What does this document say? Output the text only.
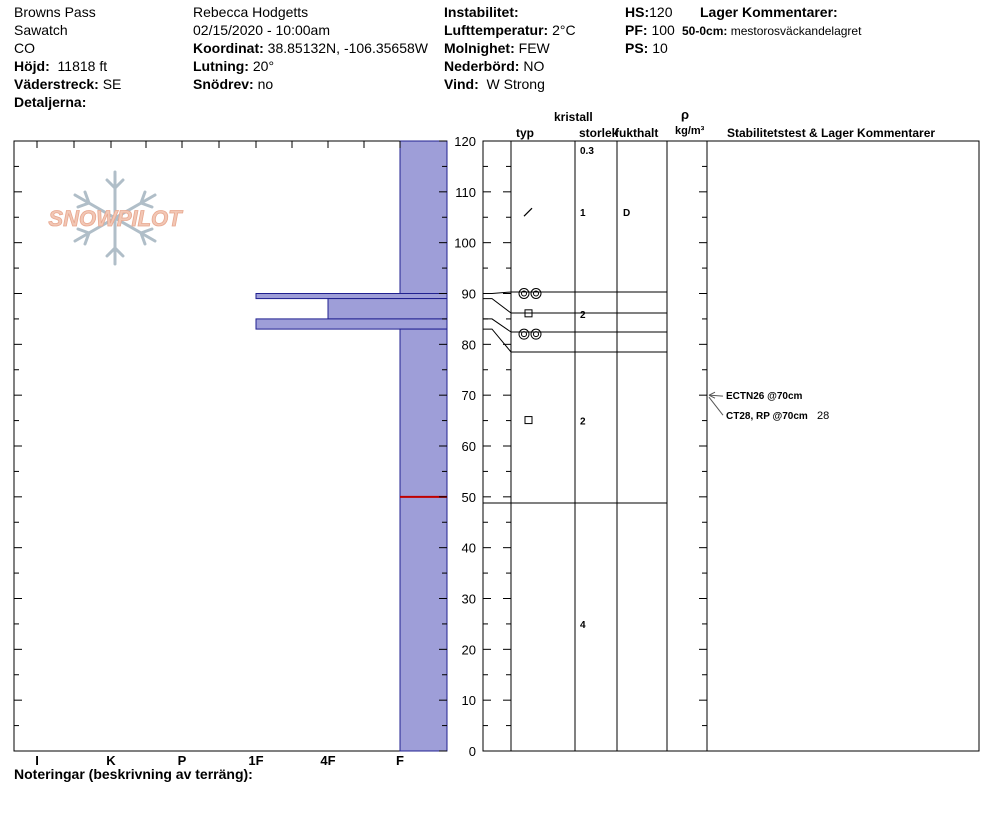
Browns Pass
Sawatch
CO
Höjd: 11818 ft
Väderstreck: SE
Detaljerna:
Rebecca Hodgetts
02/15/2020 - 10:00am
Koordinat: 38.85132N, -106.35658W
Lutning: 20°
Snödrev: no
Instabilitet:
Lufttemperatur: 2°C
Molnighet: FEW
Nederbörd: NO
Vind: W Strong
HS:120
PF: 100
PS: 10
Lager Kommentarer:
50-0cm: mestorosväckandelagret
Noteringar (beskrivning av terräng):
SNOWPILOT
0
10
20
30
40
50
60
70
80
90
100
110
120
I	K	P	1F	4F	F
0.3
1	D
2
2
4
ECTN26 @70cm
CT28, RP @70cm 28
kristall
typ	storlek
fukthalt
ρ
kg/m³ Stabilitetstest & Lager Kommentarer
